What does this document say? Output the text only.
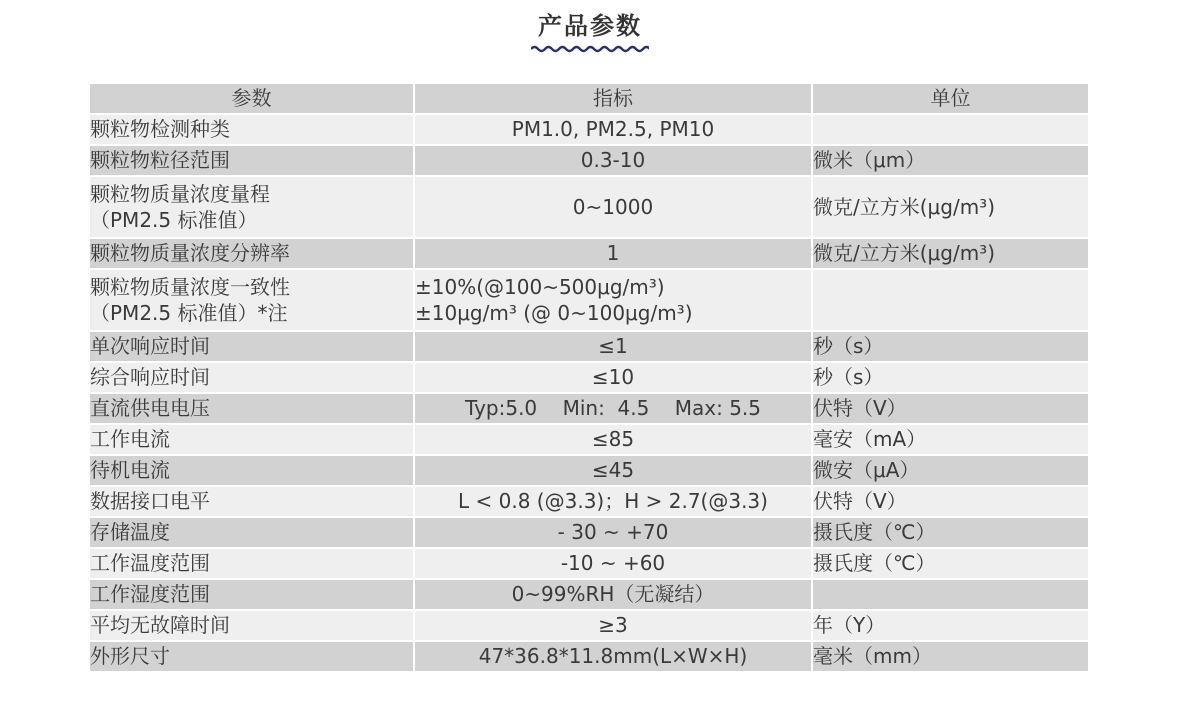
产品参数
参数	指标	单位
颗粒物检测种类	PM1.0, PM2.5, PM10	
颗粒物粒径范围	0.3-10	微米（μm）

颗粒物质量浓度量程
（PM2.5 标准值）	0~1000	微克/立方米(μg/m³)
颗粒物质量浓度分辨率	1	微克/立方米(μg/m³)

颗粒物质量浓度一致性
（PM2.5 标准值）*注	±10%(@100~500μg/m³)
±10μg/m³ (@ 0~100μg/m³)	

单次响应时间	≤1	秒（s）
综合响应时间	≤10	秒（s）
直流供电电压	Typ:5.0    Min:  4.5    Max: 5.5	伏特（V）
工作电流	≤85	毫安（mA）
待机电流	≤45	微安（μA）
数据接口电平	L < 0.8 (@3.3)；H > 2.7(@3.3)	伏特（V）
存储温度	- 30 ~ +70	摄氏度（℃）
工作温度范围	-10 ~ +60	摄氏度（℃）
工作湿度范围	0~99%RH（无凝结）	
平均无故障时间	≥3	年（Y）
外形尺寸	47*36.8*11.8mm(L×W×H)	毫米（mm）
